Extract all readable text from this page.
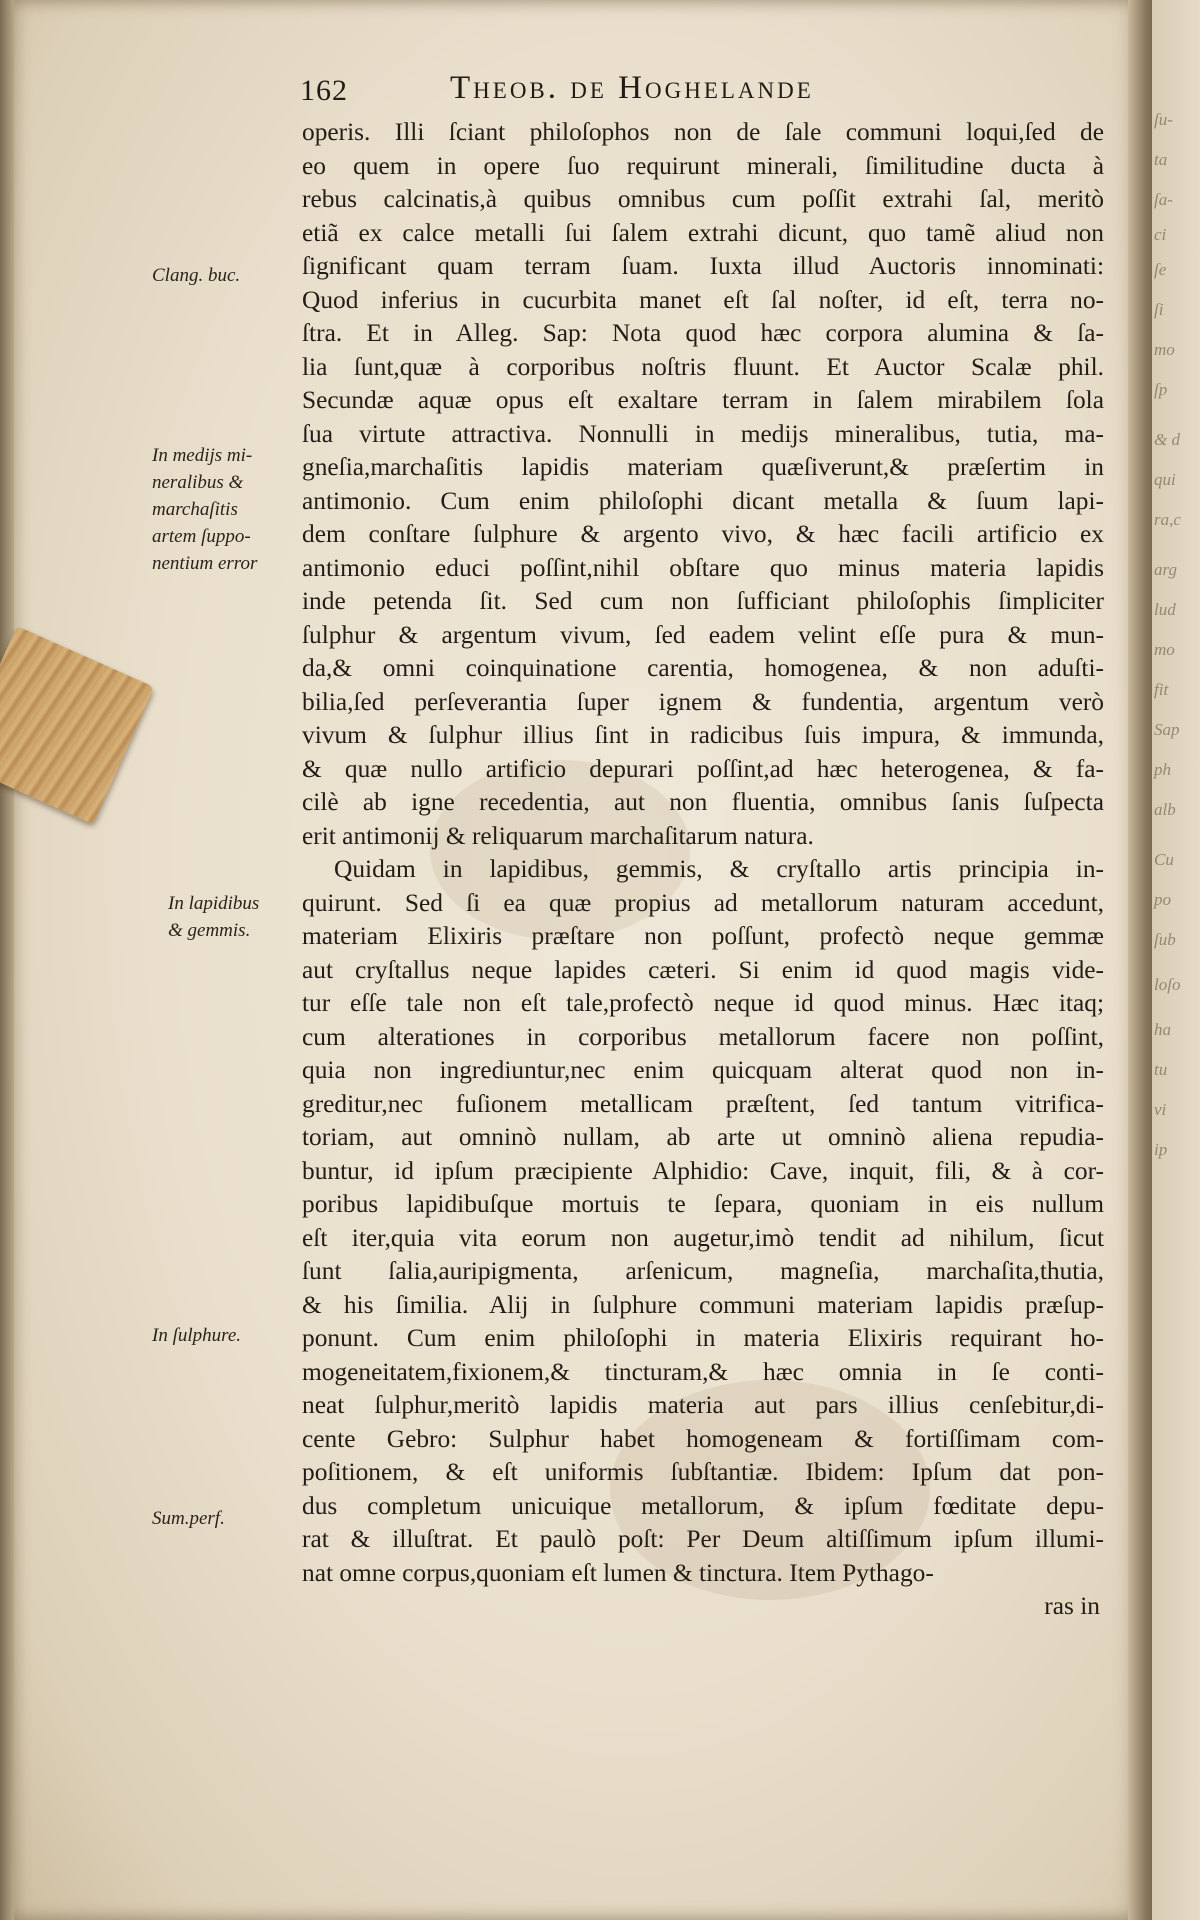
ſu-
ta
ſa-
ci
ſe
ſi
mo
ſp
& d
qui
ra,c
arg
lud
mo
fit
Sap
ph
alb
Cu
po
ſub
loſo
ha
tu
vi
ip
162	Theob. de Hoghelande
operis. Illi ſciant philoſophos non de ſale communi loqui,ſed de
eo quem in opere ſuo requirunt minerali, ſimilitudine ducta à
rebus calcinatis,à quibus omnibus cum poſſit extrahi ſal, meritò
etiã ex calce metalli ſui ſalem extrahi dicunt, quo tamẽ aliud non
ſignificant quam terram ſuam. Iuxta illud Auctoris innominati:
Quod inferius in cucurbita manet eſt ſal noſter, id eſt, terra no-
ſtra. Et in Alleg. Sap: Nota quod hæc corpora alumina & ſa-
lia ſunt,quæ à corporibus noſtris fluunt. Et Auctor Scalæ phil.
Secundæ aquæ opus eſt exaltare terram in ſalem mirabilem ſola
ſua virtute attractiva. Nonnulli in medijs mineralibus, tutia, ma-
gneſia,marchaſitis lapidis materiam quæſiverunt,& præſertim in
antimonio. Cum enim philoſophi dicant metalla & ſuum lapi-
dem conſtare ſulphure & argento vivo, & hæc facili artificio ex
antimonio educi poſſint,nihil obſtare quo minus materia lapidis
inde petenda ſit. Sed cum non ſufficiant philoſophis ſimpliciter
ſulphur & argentum vivum, ſed eadem velint eſſe pura & mun-
da,& omni coinquinatione carentia, homogenea, & non aduſti-
bilia,ſed perſeverantia ſuper ignem & fundentia, argentum verò
vivum & ſulphur illius ſint in radicibus ſuis impura, & immunda,
& quæ nullo artificio depurari poſſint,ad hæc heterogenea, & fa-
cilè ab igne recedentia, aut non fluentia, omnibus ſanis ſuſpecta
erit antimonij & reliquarum marchaſitarum natura.
Quidam in lapidibus, gemmis, & cryſtallo artis principia in-
quirunt. Sed ſi ea quæ propius ad metallorum naturam accedunt,
materiam Elixiris præſtare non poſſunt, profectò neque gemmæ
aut cryſtallus neque lapides cæteri. Si enim id quod magis vide-
tur eſſe tale non eſt tale,profectò neque id quod minus. Hæc itaq;
cum alterationes in corporibus metallorum facere non poſſint,
quia non ingrediuntur,nec enim quicquam alterat quod non in-
greditur,nec fuſionem metallicam præſtent, ſed tantum vitrifica-
toriam, aut omninò nullam, ab arte ut omninò aliena repudia-
buntur, id ipſum præcipiente Alphidio: Cave, inquit, fili, & à cor-
poribus lapidibuſque mortuis te ſepara, quoniam in eis nullum
eſt iter,quia vita eorum non augetur,imò tendit ad nihilum, ſicut
ſunt ſalia,auripigmenta, arſenicum, magneſia, marchaſita,thutia,
& his ſimilia. Alij in ſulphure communi materiam lapidis præſup-
ponunt. Cum enim philoſophi in materia Elixiris requirant ho-
mogeneitatem,fixionem,& tincturam,& hæc omnia in ſe conti-
neat ſulphur,meritò lapidis materia aut pars illius cenſebitur,di-
cente Gebro: Sulphur habet homogeneam & fortiſſimam com-
poſitionem, & eſt uniformis ſubſtantiæ. Ibidem: Ipſum dat pon-
dus completum unicuique metallorum, & ipſum fœditate depu-
rat & illuſtrat. Et paulò poſt: Per Deum altiſſimum ipſum illumi-
nat omne corpus,quoniam eſt lumen & tinctura. Item Pythago-
ras in
Clang. buc.
In medijs mi-
neralibus &
marchaſitis
artem ſuppo-
nentium error
In lapidibus
& gemmis.
In ſulphure.
Sum.perf.
